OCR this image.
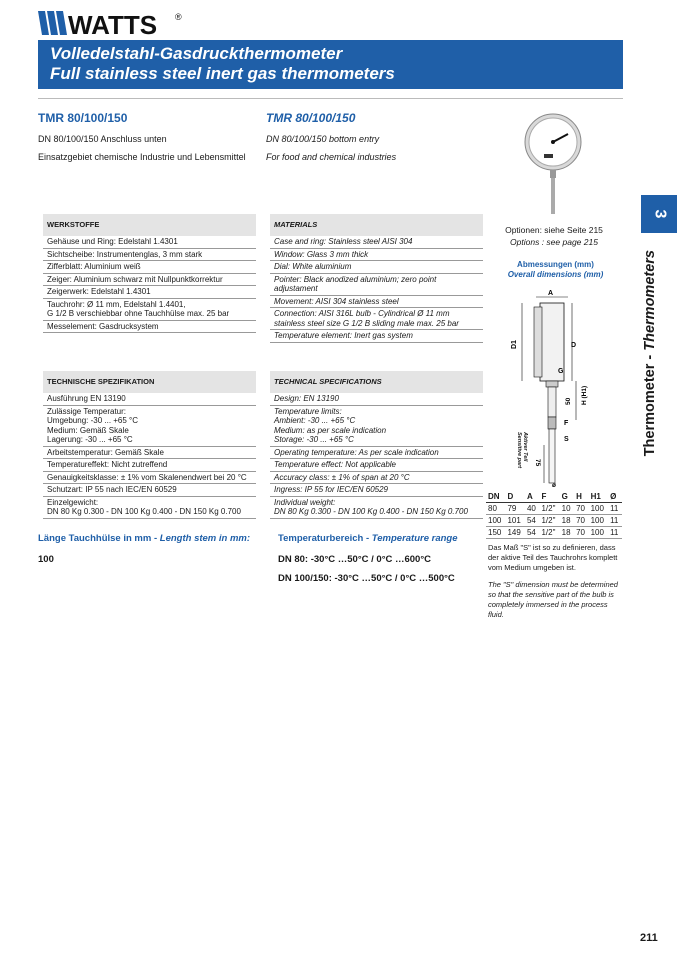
WATTS ®
Volledelstahl-Gasdruckthermometer
Full stainless steel inert gas thermometers
3
Thermometer - Thermometers
TMR 80/100/150
DN 80/100/150 Anschluss unten
Einsatzgebiet chemische Industrie und Lebensmittel
TMR 80/100/150
DN 80/100/150 bottom entry
For food and chemical industries
WERKSTOFFE
Gehäuse und Ring: Edelstahl 1.4301
Sichtscheibe: Instrumentenglas, 3 mm stark
Zifferblatt: Aluminium weiß
Zeiger: Aluminium schwarz mit Nullpunktkorrektur
Zeigerwerk: Edelstahl 1.4301
Tauchrohr: Ø 11 mm, Edelstahl 1.4401,
G 1/2 B verschiebbar ohne Tauchhülse max. 25 bar
Messelement: Gasdrucksystem
MATERIALS
Case and ring: Stainless steel AISI 304
Window: Glass 3 mm thick
Dial: White aluminium
Pointer: Black anodized aluminium; zero point adjustament
Movement: AISI 304 stainless steel
Connection: AISI 316L bulb - Cylindrical Ø 11 mm
stainless steel size G 1/2 B sliding male max. 25 bar
Temperature element: Inert gas system
TECHNISCHE SPEZIFIKATION
Ausführung EN 13190
Zulässige Temperatur:
Umgebung: -30 ... +65 °C
Medium: Gemäß Skale
Lagerung: -30 ... +65 °C
Arbeitstemperatur: Gemäß Skale
Temperatureffekt: Nicht zutreffend
Genauigkeitsklasse: ± 1% vom Skalenendwert bei 20 °C
Schutzart: IP 55 nach IEC/EN 60529
Einzelgewicht:
DN 80 Kg 0.300 - DN 100 Kg 0.400 - DN 150 Kg 0.700
TECHNICAL SPECIFICATIONS
Design: EN 13190
Temperature limits:
Ambient: -30 ... +65 °C
Medium: as per scale indication
Storage: -30 ... +65 °C
Operating temperature: As per scale indication
Temperature effect: Not applicable
Accuracy class: ± 1% of span at 20 °C
Ingress: IP 55 for IEC/EN 60529
Individual weight:
DN 80 Kg 0.300 - DN 100 Kg 0.400 - DN 150 Kg 0.700
Länge Tauchhülse in mm - Length stem in mm:
100
Temperaturbereich - Temperature range
DN 80: -30°C …50°C / 0°C …600°C
DN 100/150: -30°C …50°C / 0°C …500°C
Optionen: siehe Seite 215
Options : see page 215
Abmessungen (mm)
Overall dimensions (mm)
A
D1	D
G
50 H (H1)
F
S
75
ø
Aktiver Teil
Sensitive part
DN	D	A	F	G	H	H1	Ø
80	79	40	1/2"	10	70	100	11
100	101	54	1/2"	18	70	100	11
150	149	54	1/2"	18	70	100	11
Das Maß "S" ist so zu definieren, dass der aktive Teil des Tauchrohrs komplett vom Medium umgeben ist.
The "S" dimension must be determined so that the sensitive part of the bulb is completely immersed in the process fluid.
211
